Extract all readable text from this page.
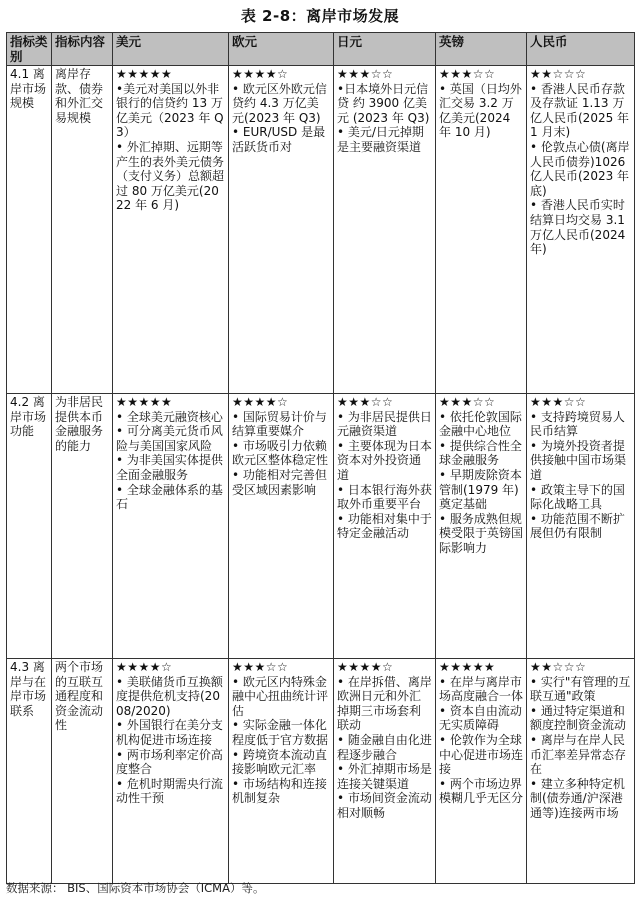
表 2-8：离岸市场发展
指标类别	指标内容	美元	欧元	日元	英镑	人民币
4.1 离岸市场规模	离岸存款、债券和外汇交易规模	★★★★★
•美元对美国以外非银行的信贷约 13 万亿美元（2023 年 Q3）
• 外汇掉期、远期等产生的表外美元债务（支付义务）总额超过 80 万亿美元(2022 年 6 月)	★★★★☆
• 欧元区外欧元信贷约 4.3 万亿美元(2023 年 Q3)
• EUR/USD 是最活跃货币对	★★★☆☆
•日本境外日元信贷 约 3900 亿美元 (2023 年 Q3)
• 美元/日元掉期是主要融资渠道	★★★☆☆
• 英国（日均外汇交易 3.2 万亿美元(2024 年 10 月)	★★☆☆☆
• 香港人民币存款及存款证 1.13 万亿人民币(2025 年 1 月末)
• 伦敦点心债(离岸人民币债券)1026 亿人民币(2023 年底)
• 香港人民币实时结算日均交易 3.1 万亿人民币(2024 年)

4.2 离岸市场功能	为非居民提供本币金融服务的能力	★★★★★
• 全球美元融资核心
• 可分离美元货币风险与美国国家风险
• 为非美国实体提供全面金融服务
• 全球金融体系的基石	★★★★☆
• 国际贸易计价与结算重要媒介
• 市场吸引力依赖欧元区整体稳定性
• 功能相对完善但受区域因素影响	★★★☆☆
• 为非居民提供日元融资渠道
• 主要体现为日本资本对外投资通道
• 日本银行海外获取外币重要平台
• 功能相对集中于特定金融活动	★★★☆☆
• 依托伦敦国际金融中心地位
• 提供综合性全球金融服务
• 早期废除资本管制(1979 年)奠定基础
• 服务成熟但规模受限于英镑国际影响力	★★★☆☆
• 支持跨境贸易人民币结算
• 为境外投资者提供接触中国市场渠道
• 政策主导下的国际化战略工具
• 功能范围不断扩展但仍有限制

4.3 离岸与在岸市场联系	两个市场的互联互通程度和资金流动性	★★★★☆
• 美联储货币互换额度提供危机支持(2008/2020)
• 外国银行在美分支机构促进市场连接
• 两市场利率定价高度整合
• 危机时期需央行流动性干预	★★★☆☆
• 欧元区内特殊金融中心扭曲统计评估
• 实际金融一体化程度低于官方数据
• 跨境资本流动直接影响欧元汇率
• 市场结构和连接机制复杂	★★★★☆
• 在岸拆借、离岸欧洲日元和外汇掉期三市场套利联动
• 随金融自由化进程逐步融合
• 外汇掉期市场是连接关键渠道
• 市场间资金流动相对顺畅	★★★★★
• 在岸与离岸市场高度融合一体
• 资本自由流动无实质障碍
• 伦敦作为全球中心促进市场连接
• 两个市场边界模糊几乎无区分	★★☆☆☆
• 实行"有管理的互联互通"政策
• 通过特定渠道和额度控制资金流动
• 离岸与在岸人民币汇率差异常态存在
• 建立多种特定机制(债券通/沪深港通等)连接两市场
数据来源： BIS、国际资本市场协会（ICMA）等。
